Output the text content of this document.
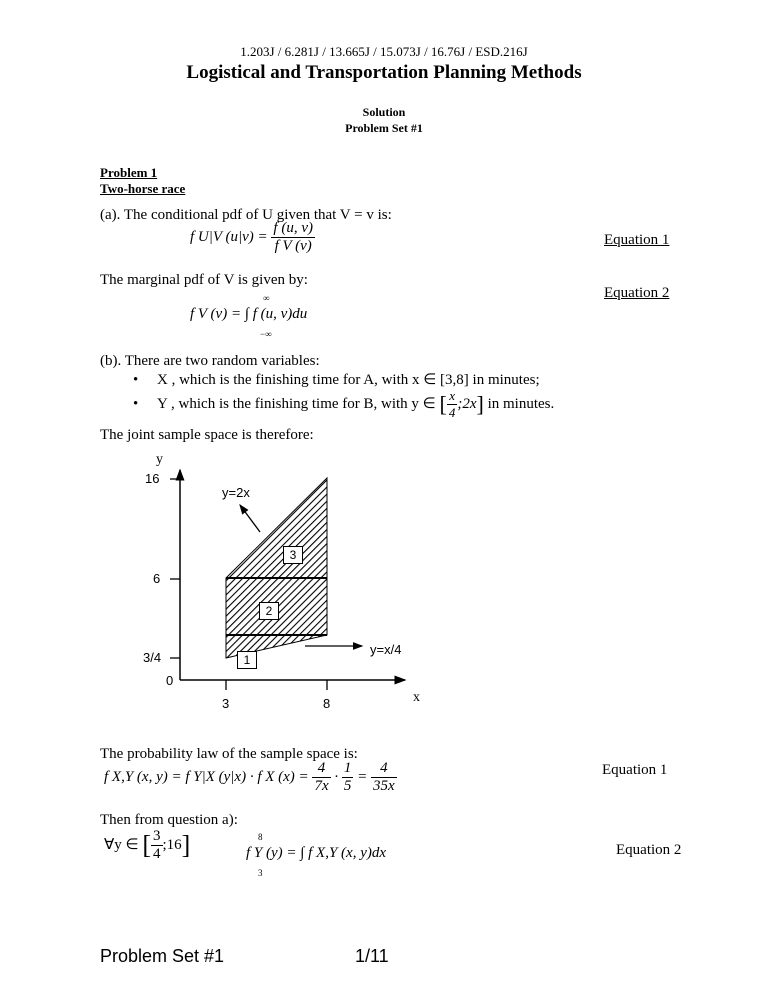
1.203J / 6.281J / 13.665J / 15.073J / 16.76J / ESD.216J
Logistical and Transportation Planning Methods
Solution
Problem Set #1
Problem 1
Two-horse race
(a). The conditional pdf of U given that V = v is:
f U|V $(u|v) = \frac{f (u, v)}{\text{f V (v)}}$	Equation 1
The marginal pdf of V is given by:
∞
f V (v) = ∫ f (u, v)du
−∞
Equation 2
(b). There are two random variables:
•     X , which is the finishing time for A, with x ∈ [3,8] in minutes;
•     Y , which is the finishing time for B, with y ∈ [ $\frac{x}{4}$ ;2x] in minutes.
The joint sample space is therefore:
y
x
16
6
3/4
0
3	8
y=2x
y=x/4
1
2
3
The probability law of the sample space is:
f X,Y (x, y) = f Y|X (y|x) · f X $(x) = \frac{4}{7x} \cdot \frac{1}{5} = \frac{4}{35x}$	Equation 1
Then from question a):
∀y ∈ [ $\frac{3}{4}$ ;16]	8
f Y (y) = ∫ f X,Y (x, y)dx
3
Equation 2
Problem Set #1	1/11
